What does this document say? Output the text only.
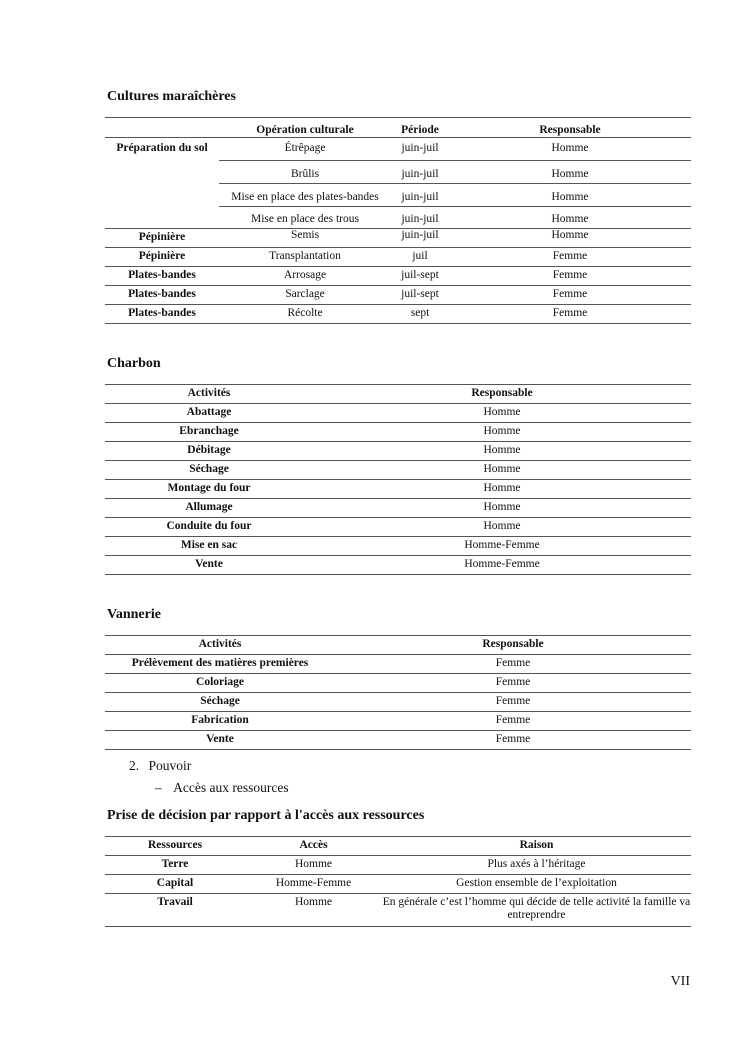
Cultures maraîchères
	Opération culturale	Période	Responsable
Préparation du sol	Étrêpage	juin-juil	Homme
	Brûlis	juin-juil	Homme
	Mise en place des plates-bandes	juin-juil	Homme
	Mise en place des trous	juin-juil	Homme
Pépinière	Semis	juin-juil	Homme
Pépinière	Transplantation	juil	Femme
Plates-bandes	Arrosage	juil-sept	Femme
Plates-bandes	Sarclage	juil-sept	Femme
Plates-bandes	Récolte	sept	Femme
Charbon
Activités	Responsable
Abattage	Homme
Ebranchage	Homme
Débitage	Homme
Séchage	Homme
Montage du four	Homme
Allumage	Homme
Conduite du four	Homme
Mise en sac	Homme-Femme
Vente	Homme-Femme
Vannerie
Activités	Responsable
Prélèvement des matières premières	Femme
Coloriage	Femme
Séchage	Femme
Fabrication	Femme
Vente	Femme
2. Pouvoir
– Accès aux ressources
Prise de décision par rapport à l'accès aux ressources
Ressources	Accès	Raison
Terre	Homme	Plus axés à l’héritage
Capital	Homme-Femme	Gestion ensemble de l’exploitation
Travail	Homme	En générale c’est l’homme qui décide de telle activité la famille va entreprendre
VII
